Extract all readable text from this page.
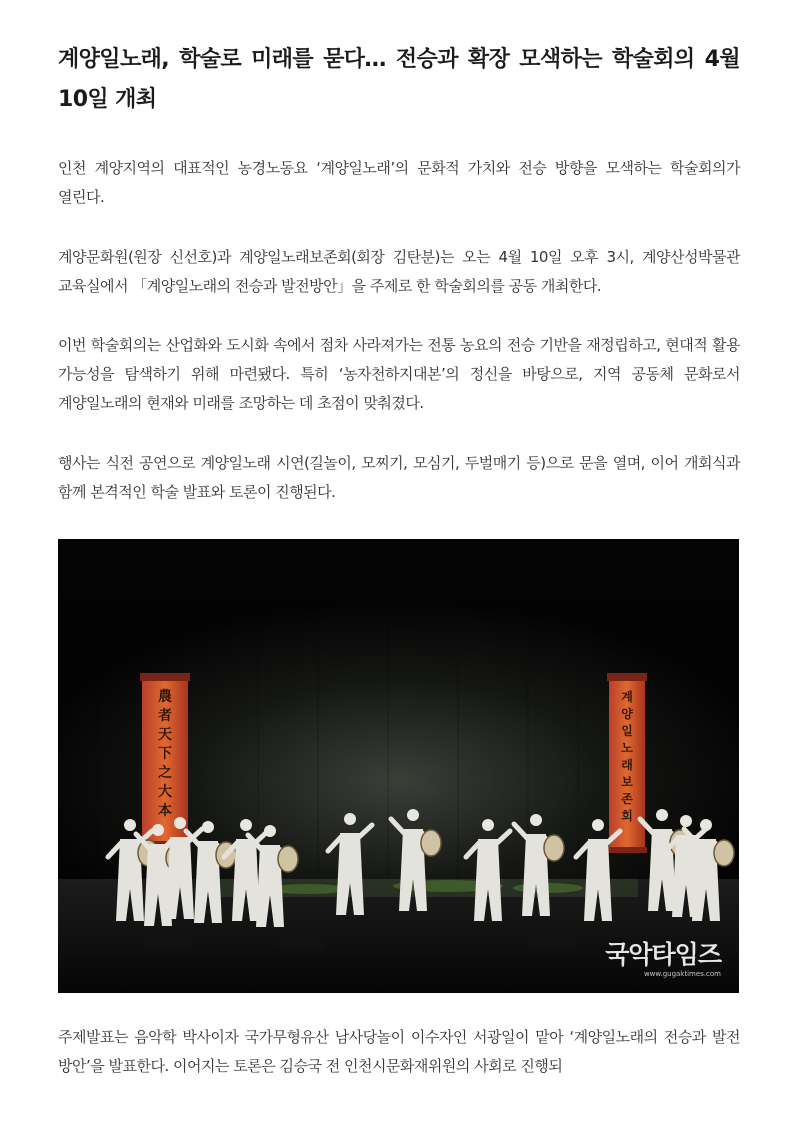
계양일노래, 학술로 미래를 묻다… 전승과 확장 모색하는 학술회의 4월 10일 개최

인천 계양지역의 대표적인 농경노동요 ‘계양일노래’의 문화적 가치와 전승 방향을 모색하는 학술회의가 열린다.

계양문화원(원장 신선호)과 계양일노래보존회(회장 김탄분)는 오는 4월 10일 오후 3시, 계양산성박물관 교육실에서 「계양일노래의 전승과 발전방안」을 주제로 한 학술회의를 공동 개최한다.

이번 학술회의는 산업화와 도시화 속에서 점차 사라져가는 전통 농요의 전승 기반을 재정립하고, 현대적 활용 가능성을 탐색하기 위해 마련됐다. 특히 ‘농자천하지대본’의 정신을 바탕으로, 지역 공동체 문화로서 계양일노래의 현재와 미래를 조망하는 데 초점이 맞춰졌다.

행사는 식전 공연으로 계양일노래 시연(길놀이, 모찌기, 모심기, 두벌매기 등)으로 문을 열며, 이어 개회식과 함께 본격적인 학술 발표와 토론이 진행된다.

農者天下之大本
계 양 일 노 래 보 존 회
국악타임즈
www.gugaktimes.com

주제발표는 음악학 박사이자 국가무형유산 남사당놀이 이수자인 서광일이 맡아 ‘계양일노래의 전승과 발전 방안’을 발표한다. 이어지는 토론은 김승국 전 인천시문화재위원의 사회로 진행되
